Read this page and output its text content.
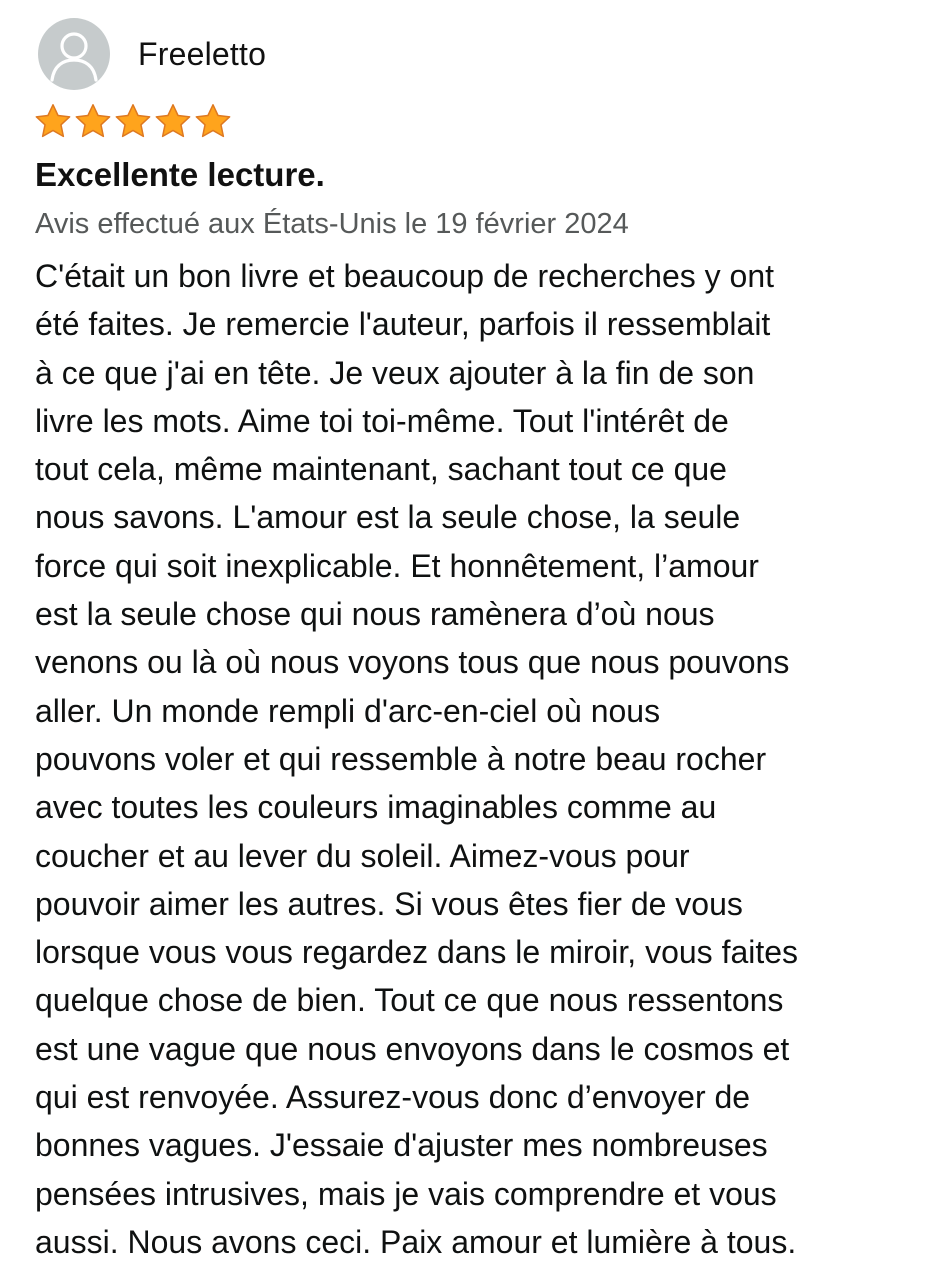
Freeletto
Excellente lecture.

Avis effectué aux États-Unis le 19 février 2024

C'était un bon livre et beaucoup de recherches y ont
été faites. Je remercie l'auteur, parfois il ressemblait
à ce que j'ai en tête. Je veux ajouter à la fin de son
livre les mots. Aime toi toi-même. Tout l'intérêt de
tout cela, même maintenant, sachant tout ce que
nous savons. L'amour est la seule chose, la seule
force qui soit inexplicable. Et honnêtement, l’amour
est la seule chose qui nous ramènera d’où nous
venons ou là où nous voyons tous que nous pouvons
aller. Un monde rempli d'arc-en-ciel où nous
pouvons voler et qui ressemble à notre beau rocher
avec toutes les couleurs imaginables comme au
coucher et au lever du soleil. Aimez-vous pour
pouvoir aimer les autres. Si vous êtes fier de vous
lorsque vous vous regardez dans le miroir, vous faites
quelque chose de bien. Tout ce que nous ressentons
est une vague que nous envoyons dans le cosmos et
qui est renvoyée. Assurez-vous donc d’envoyer de
bonnes vagues. J'essaie d'ajuster mes nombreuses
pensées intrusives, mais je vais comprendre et vous
aussi. Nous avons ceci. Paix amour et lumière à tous.
